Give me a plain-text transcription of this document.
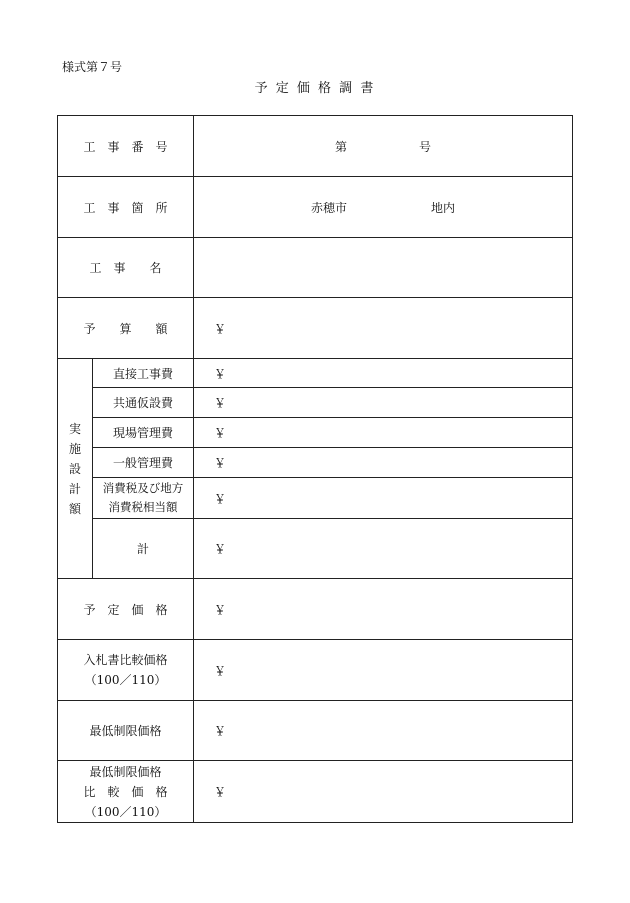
様式第７号
予 定 価 格 調 書
工　事　番　号		第　　　　　　号
工　事　箇　所		赤穂市　　　　　　　地内
工　事　　名		
予　　算　　額		￥

実
施
設
計
額	直接工事費	￥
	共通仮設費	￥
	現場管理費	￥
	一般管理費	￥

	消費税及び地方
消費税相当額	￥
	計	￥
予　定　価　格		￥

入札書比較価格
（100／110）		￥
最低制限価格		￥

最低制限価格
比　較　価　格
（100／110）		￥
